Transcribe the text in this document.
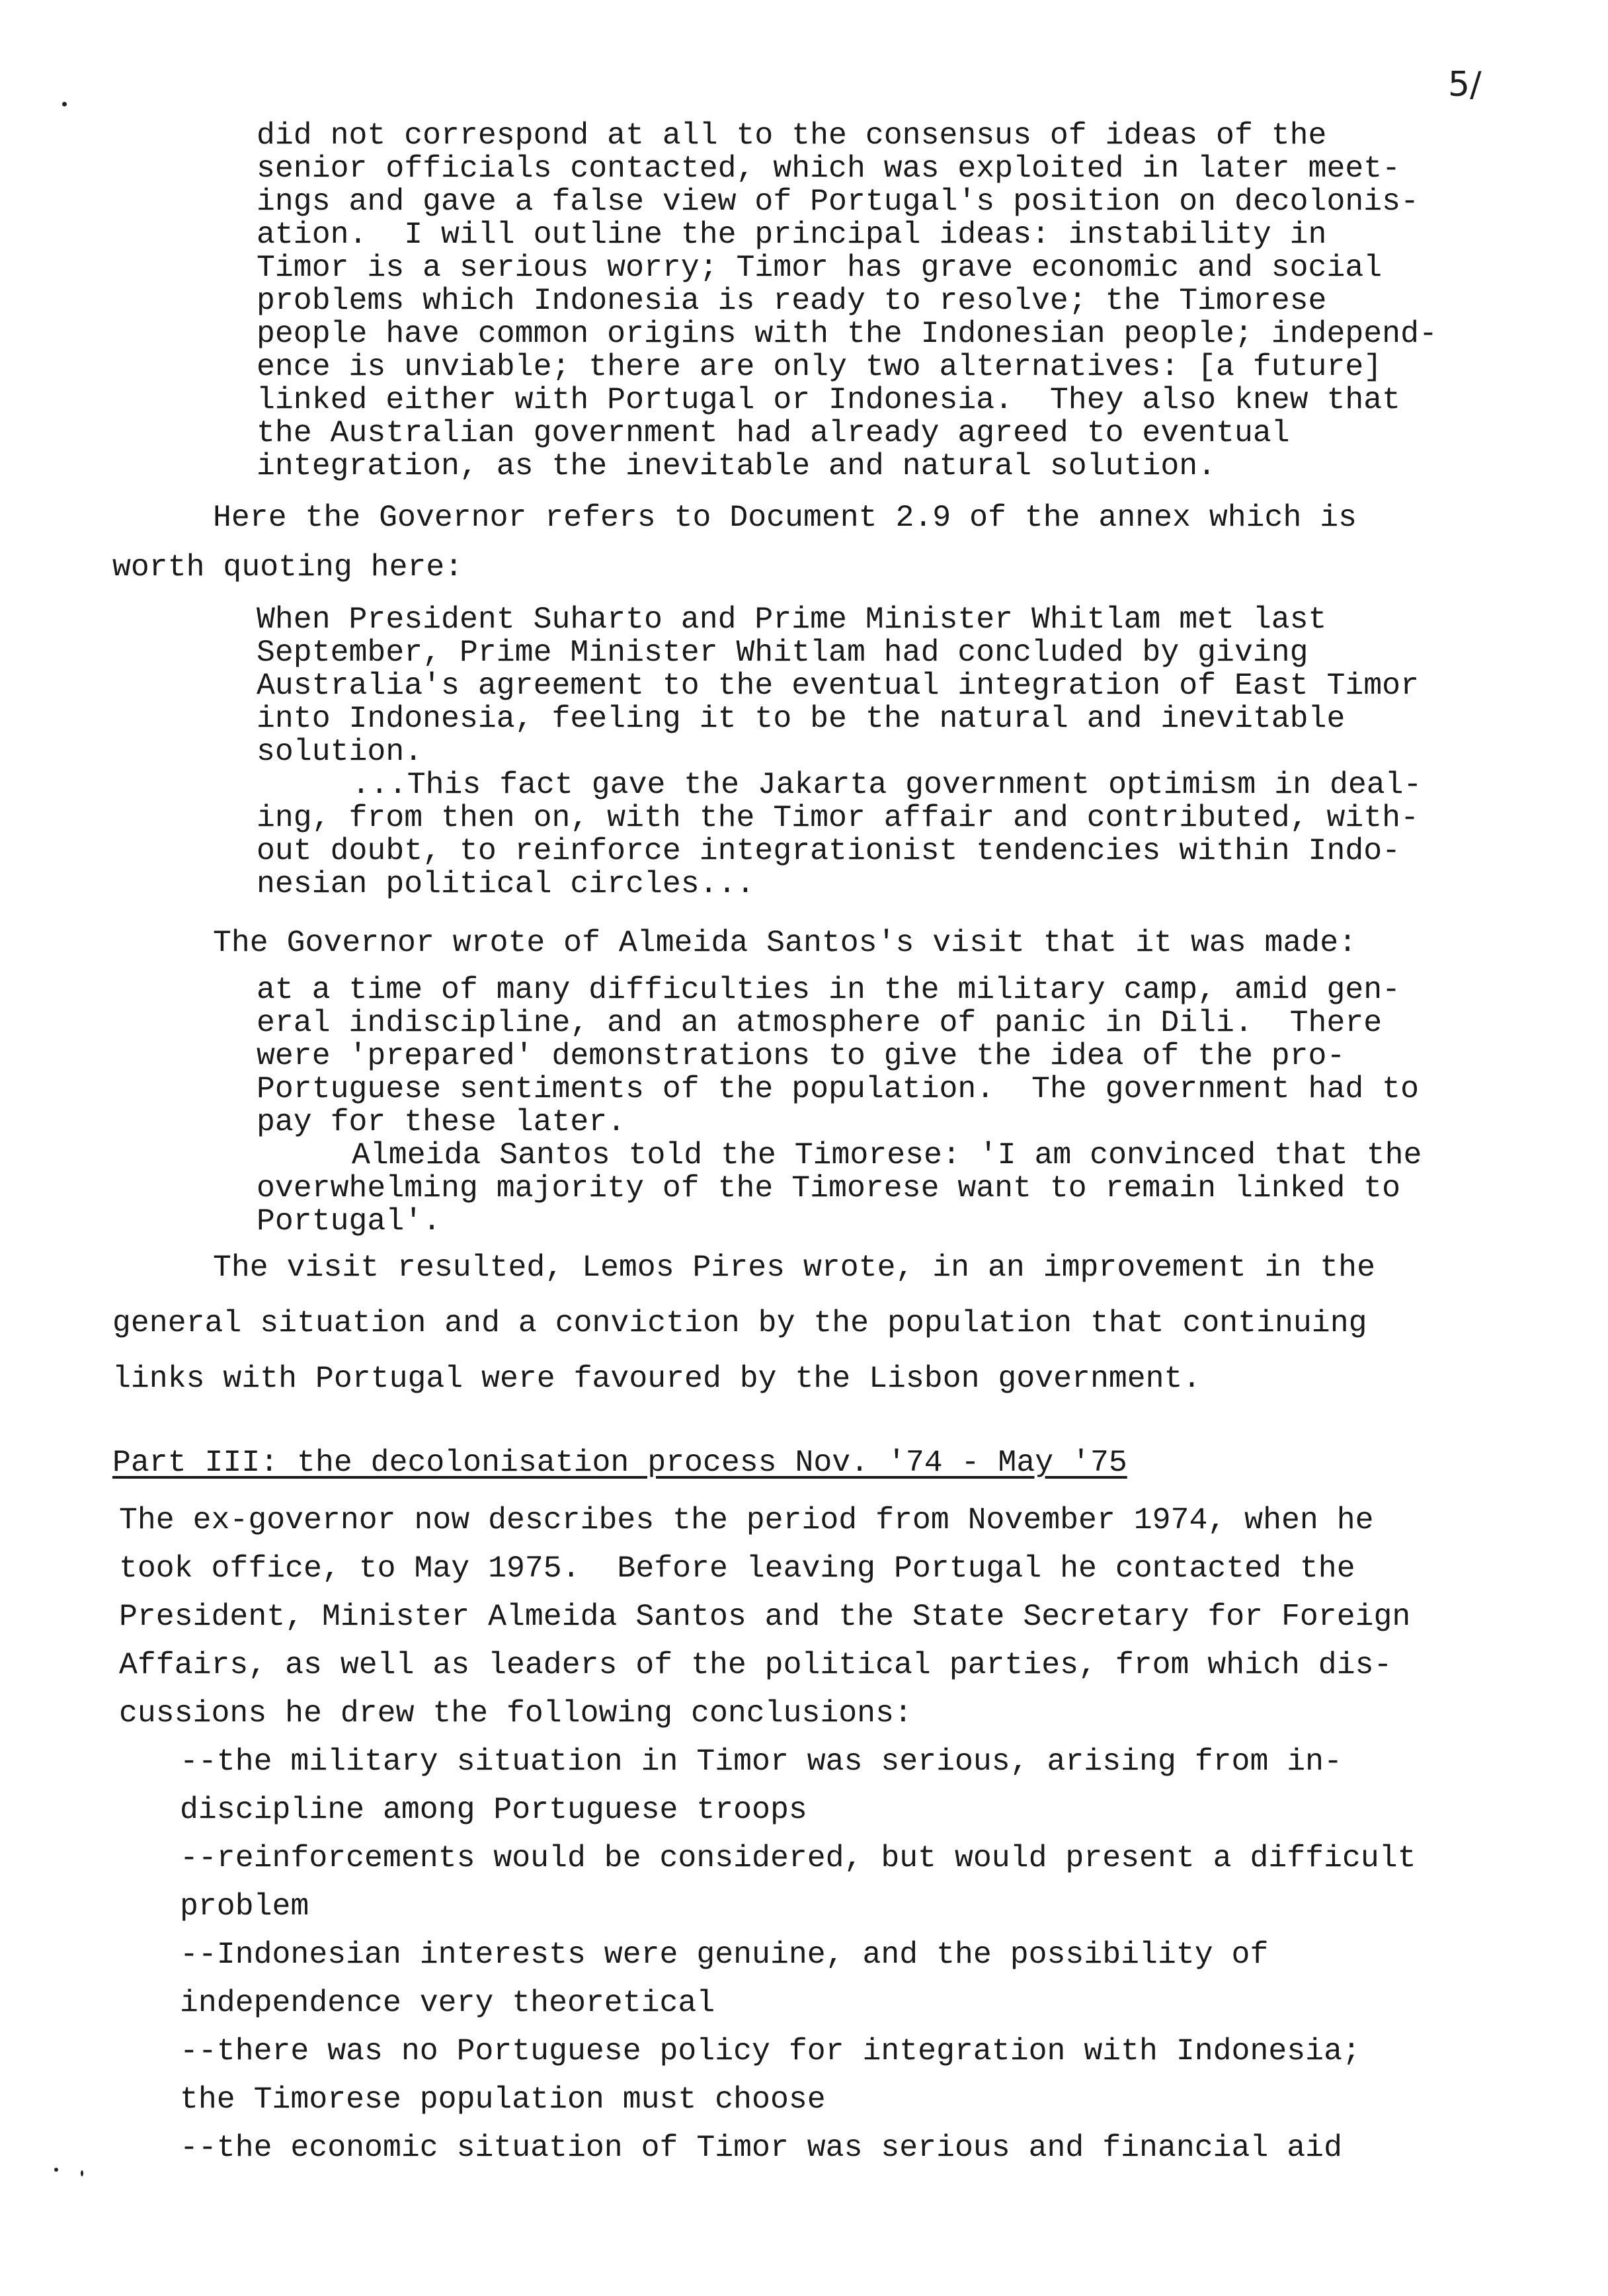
5/
did not correspond at all to the consensus of ideas of the
senior officials contacted, which was exploited in later meet-
ings and gave a false view of Portugal's position on decolonis-
ation.  I will outline the principal ideas: instability in
Timor is a serious worry; Timor has grave economic and social
problems which Indonesia is ready to resolve; the Timorese
people have common origins with the Indonesian people; independ-
ence is unviable; there are only two alternatives: [a future]
linked either with Portugal or Indonesia.  They also knew that
the Australian government had already agreed to eventual
integration, as the inevitable and natural solution.
Here the Governor refers to Document 2.9 of the annex which is
worth quoting here:
When President Suharto and Prime Minister Whitlam met last
September, Prime Minister Whitlam had concluded by giving
Australia's agreement to the eventual integration of East Timor
into Indonesia, feeling it to be the natural and inevitable
solution.
...This fact gave the Jakarta government optimism in deal-
ing, from then on, with the Timor affair and contributed, with-
out doubt, to reinforce integrationist tendencies within Indo-
nesian political circles...
The Governor wrote of Almeida Santos's visit that it was made:
at a time of many difficulties in the military camp, amid gen-
eral indiscipline, and an atmosphere of panic in Dili.  There
were 'prepared' demonstrations to give the idea of the pro-
Portuguese sentiments of the population.  The government had to
pay for these later.
Almeida Santos told the Timorese: 'I am convinced that the
overwhelming majority of the Timorese want to remain linked to
Portugal'.
The visit resulted, Lemos Pires wrote, in an improvement in the
general situation and a conviction by the population that continuing
links with Portugal were favoured by the Lisbon government.
Part III: the decolonisation process Nov. '74 - May '75
The ex-governor now describes the period from November 1974, when he
took office, to May 1975.  Before leaving Portugal he contacted the
President, Minister Almeida Santos and the State Secretary for Foreign
Affairs, as well as leaders of the political parties, from which dis-
cussions he drew the following conclusions:
--the military situation in Timor was serious, arising from in-
discipline among Portuguese troops
--reinforcements would be considered, but would present a difficult
problem
--Indonesian interests were genuine, and the possibility of
independence very theoretical
--there was no Portuguese policy for integration with Indonesia;
the Timorese population must choose
--the economic situation of Timor was serious and financial aid
